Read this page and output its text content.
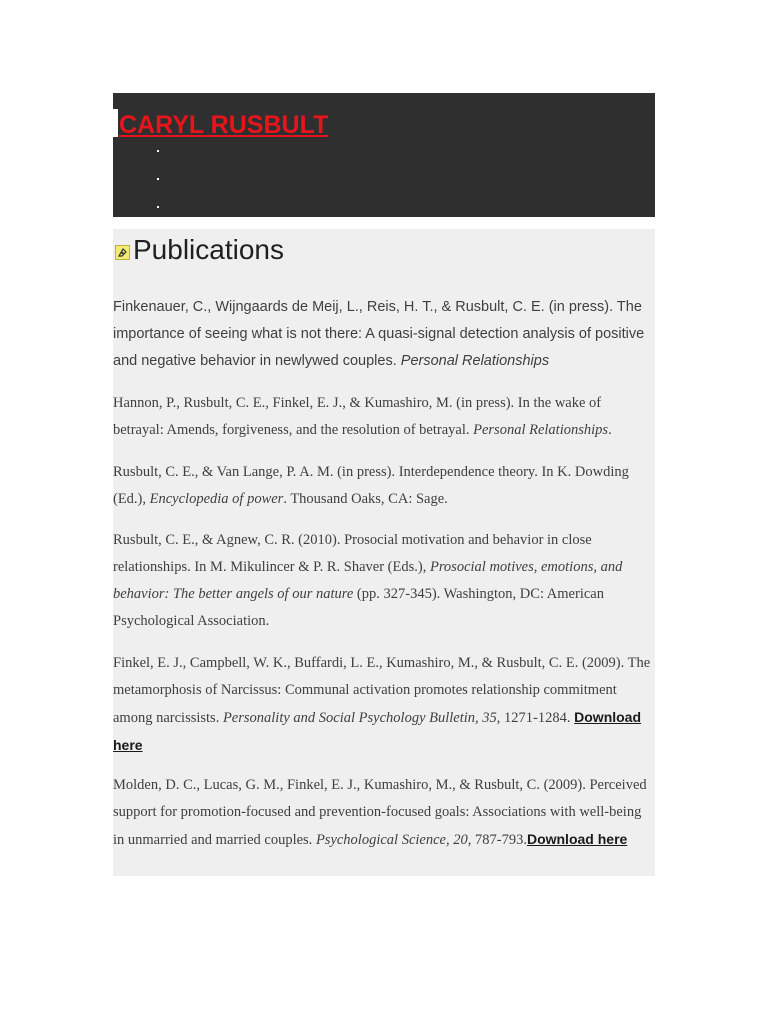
CARYL RUSBULT
•
•
•
Publications

Finkenauer, C., Wijngaards de Meij, L., Reis, H. T., & Rusbult, C. E. (in press). The importance of seeing what is not there: A quasi-signal detection analysis of positive and negative behavior in newlywed couples. Personal Relationships

Hannon, P., Rusbult, C. E., Finkel, E. J., & Kumashiro, M. (in press). In the wake of betrayal: Amends, forgiveness, and the resolution of betrayal. Personal Relationships.

Rusbult, C. E., & Van Lange, P. A. M. (in press). Interdependence theory. In K. Dowding (Ed.), Encyclopedia of power. Thousand Oaks, CA: Sage.

Rusbult, C. E., & Agnew, C. R. (2010). Prosocial motivation and behavior in close relationships. In M. Mikulincer & P. R. Shaver (Eds.), Prosocial motives, emotions, and behavior: The better angels of our nature (pp. 327-345). Washington, DC: American Psychological Association.

Finkel, E. J., Campbell, W. K., Buffardi, L. E., Kumashiro, M., & Rusbult, C. E. (2009). The metamorphosis of Narcissus: Communal activation promotes relationship commitment among narcissists. Personality and Social Psychology Bulletin, 35, 1271-1284. Download here

Molden, D. C., Lucas, G. M., Finkel, E. J., Kumashiro, M., & Rusbult, C. (2009). Perceived support for promotion-focused and prevention-focused goals: Associations with well-being in unmarried and married couples. Psychological Science, 20, 787-793.Download here
